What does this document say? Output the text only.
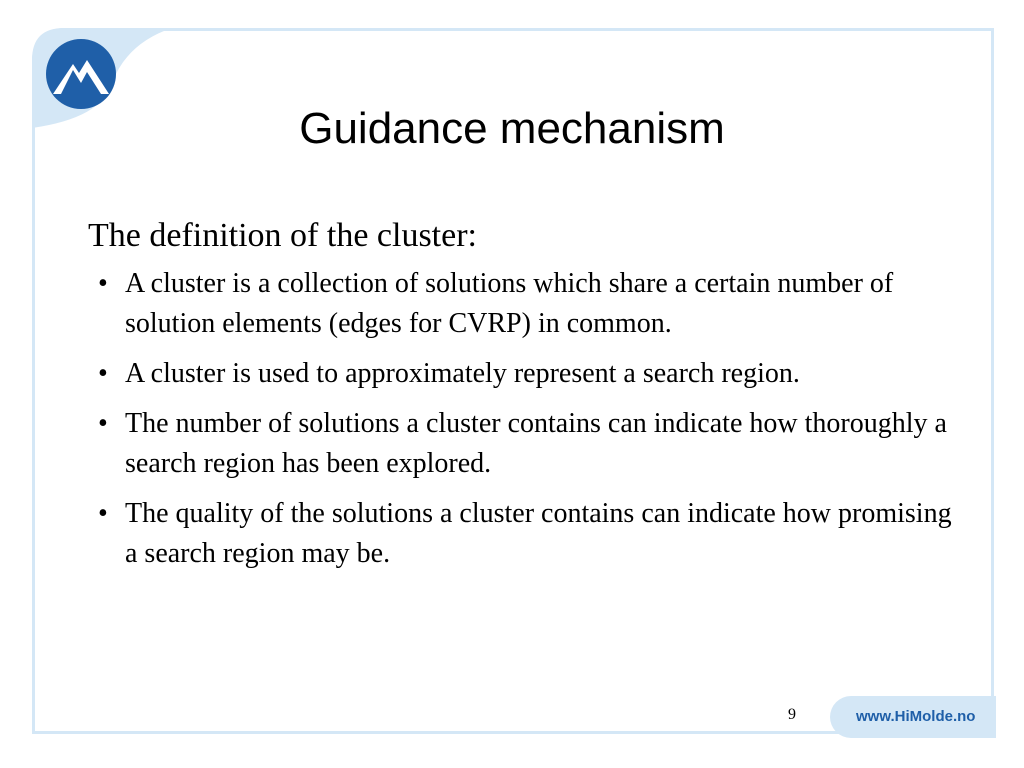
Guidance mechanism

The definition of the cluster:

• A cluster is a collection of solutions which share a certain number of solution elements (edges for CVRP) in common.
• A cluster is used to approximately represent a search region.
• The number of solutions a cluster contains can indicate how thoroughly a search region has been explored.
• The quality of the solutions a cluster contains can indicate how promising a search region may be.
9	www.HiMolde.no
